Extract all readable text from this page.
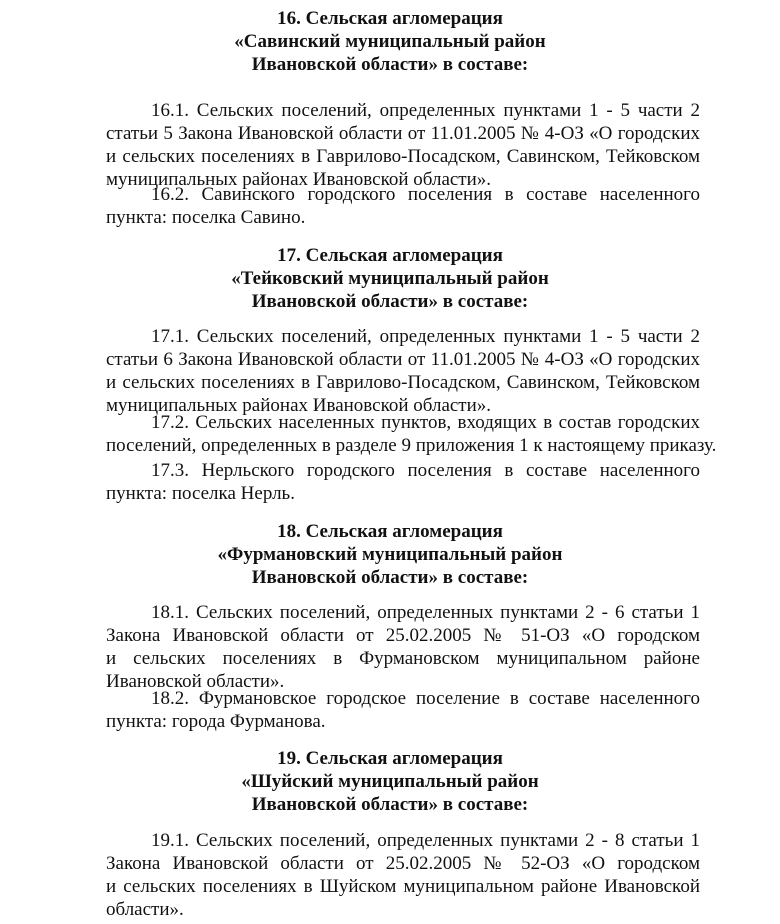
16. Сельская агломерация
«Савинский муниципальный район
Ивановской области» в составе:
16.1. Сельских поселений, определенных пунктами 1 - 5 части 2
статьи 5 Закона Ивановской области от 11.01.2005 № 4-ОЗ «О городских
и сельских поселениях в Гаврилово-Посадском, Савинском, Тейковском
муниципальных районах Ивановской области».
16.2. Савинского городского поселения в составе населенного
пункта: поселка Савино.
17. Сельская агломерация
«Тейковский муниципальный район
Ивановской области» в составе:
17.1. Сельских поселений, определенных пунктами 1 - 5 части 2
статьи 6 Закона Ивановской области от 11.01.2005 № 4-ОЗ «О городских
и сельских поселениях в Гаврилово-Посадском, Савинском, Тейковском
муниципальных районах Ивановской области».
17.2. Сельских населенных пунктов, входящих в состав городских
поселений, определенных в разделе 9 приложения 1 к настоящему приказу.
17.3. Нерльского городского поселения в составе населенного
пункта: поселка Нерль.
18. Сельская агломерация
«Фурмановский муниципальный район
Ивановской области» в составе:
18.1. Сельских поселений, определенных пунктами 2 - 6 статьи 1
Закона Ивановской области от 25.02.2005 № 51-ОЗ «О городском
и сельских поселениях в Фурмановском муниципальном районе
Ивановской области».
18.2. Фурмановское городское поселение в составе населенного
пункта: города Фурманова.
19. Сельская агломерация
«Шуйский муниципальный район
Ивановской области» в составе:
19.1. Сельских поселений, определенных пунктами 2 - 8 статьи 1
Закона Ивановской области от 25.02.2005 № 52-ОЗ «О городском
и сельских поселениях в Шуйском муниципальном районе Ивановской
области».
